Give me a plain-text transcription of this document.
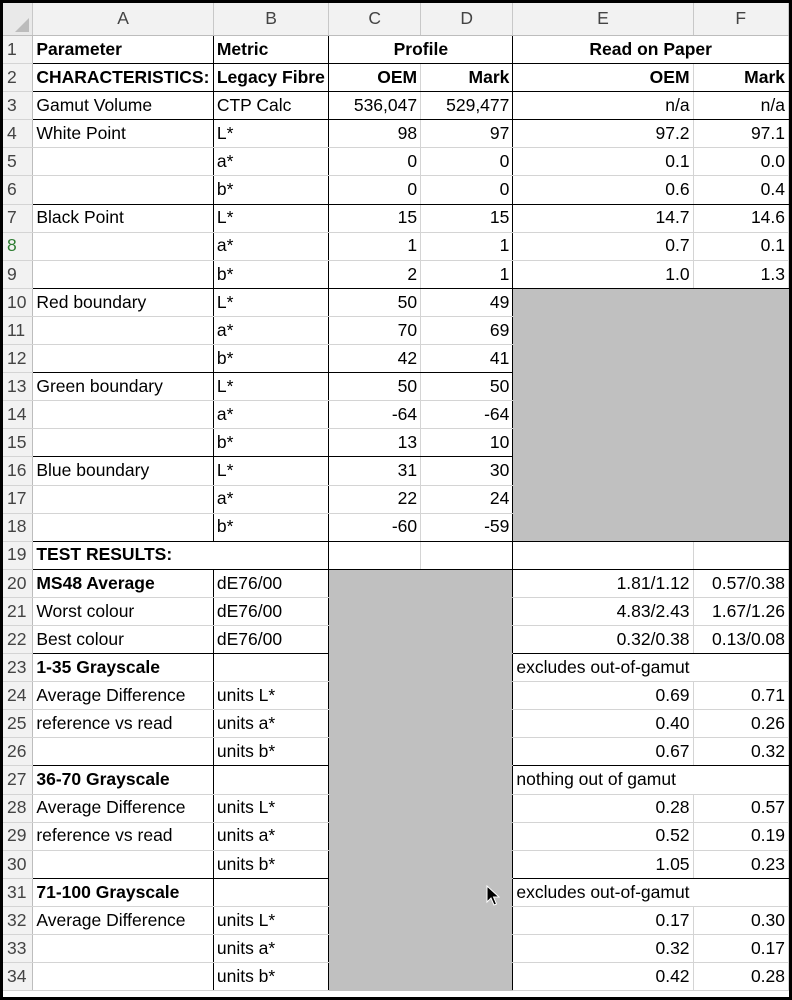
	A	B	C	D	E	F
1	Parameter	Metric	Profile		Read on Paper	
2	CHARACTERISTICS:	Legacy Fibre	OEM	Mark	OEM	Mark
3	Gamut Volume	CTP Calc	536,047	529,477	n/a	n/a
4	White Point	L*	98	97	97.2	97.1
5		a*	0	0	0.1	0.0
6		b*	0	0	0.6	0.4
7	Black Point	L*	15	15	14.7	14.6
8		a*	1	1	0.7	0.1
9		b*	2	1	1.0	1.3
10	Red boundary	L*	50	49		
11		a*	70	69		
12		b*	42	41		
13	Green boundary	L*	50	50		
14		a*	-64	-64		
15		b*	13	10		
16	Blue boundary	L*	31	30		
17		a*	22	24		
18		b*	-60	-59		
19	TEST RESULTS:					
20	MS48 Average	dE76/00			1.81/1.12	0.57/0.38
21	Worst colour	dE76/00			4.83/2.43	1.67/1.26
22	Best colour	dE76/00			0.32/0.38	0.13/0.08
23	1-35 Grayscale				excludes out-of-gamut	
24	Average Difference	units L*			0.69	0.71
25	reference vs read	units a*			0.40	0.26
26		units b*			0.67	0.32
27	36-70 Grayscale				nothing out of gamut	
28	Average Difference	units L*			0.28	0.57
29	reference vs read	units a*			0.52	0.19
30		units b*			1.05	0.23
31	71-100 Grayscale				excludes out-of-gamut	
32	Average Difference	units L*			0.17	0.30
33		units a*			0.32	0.17
34		units b*			0.42	0.28
